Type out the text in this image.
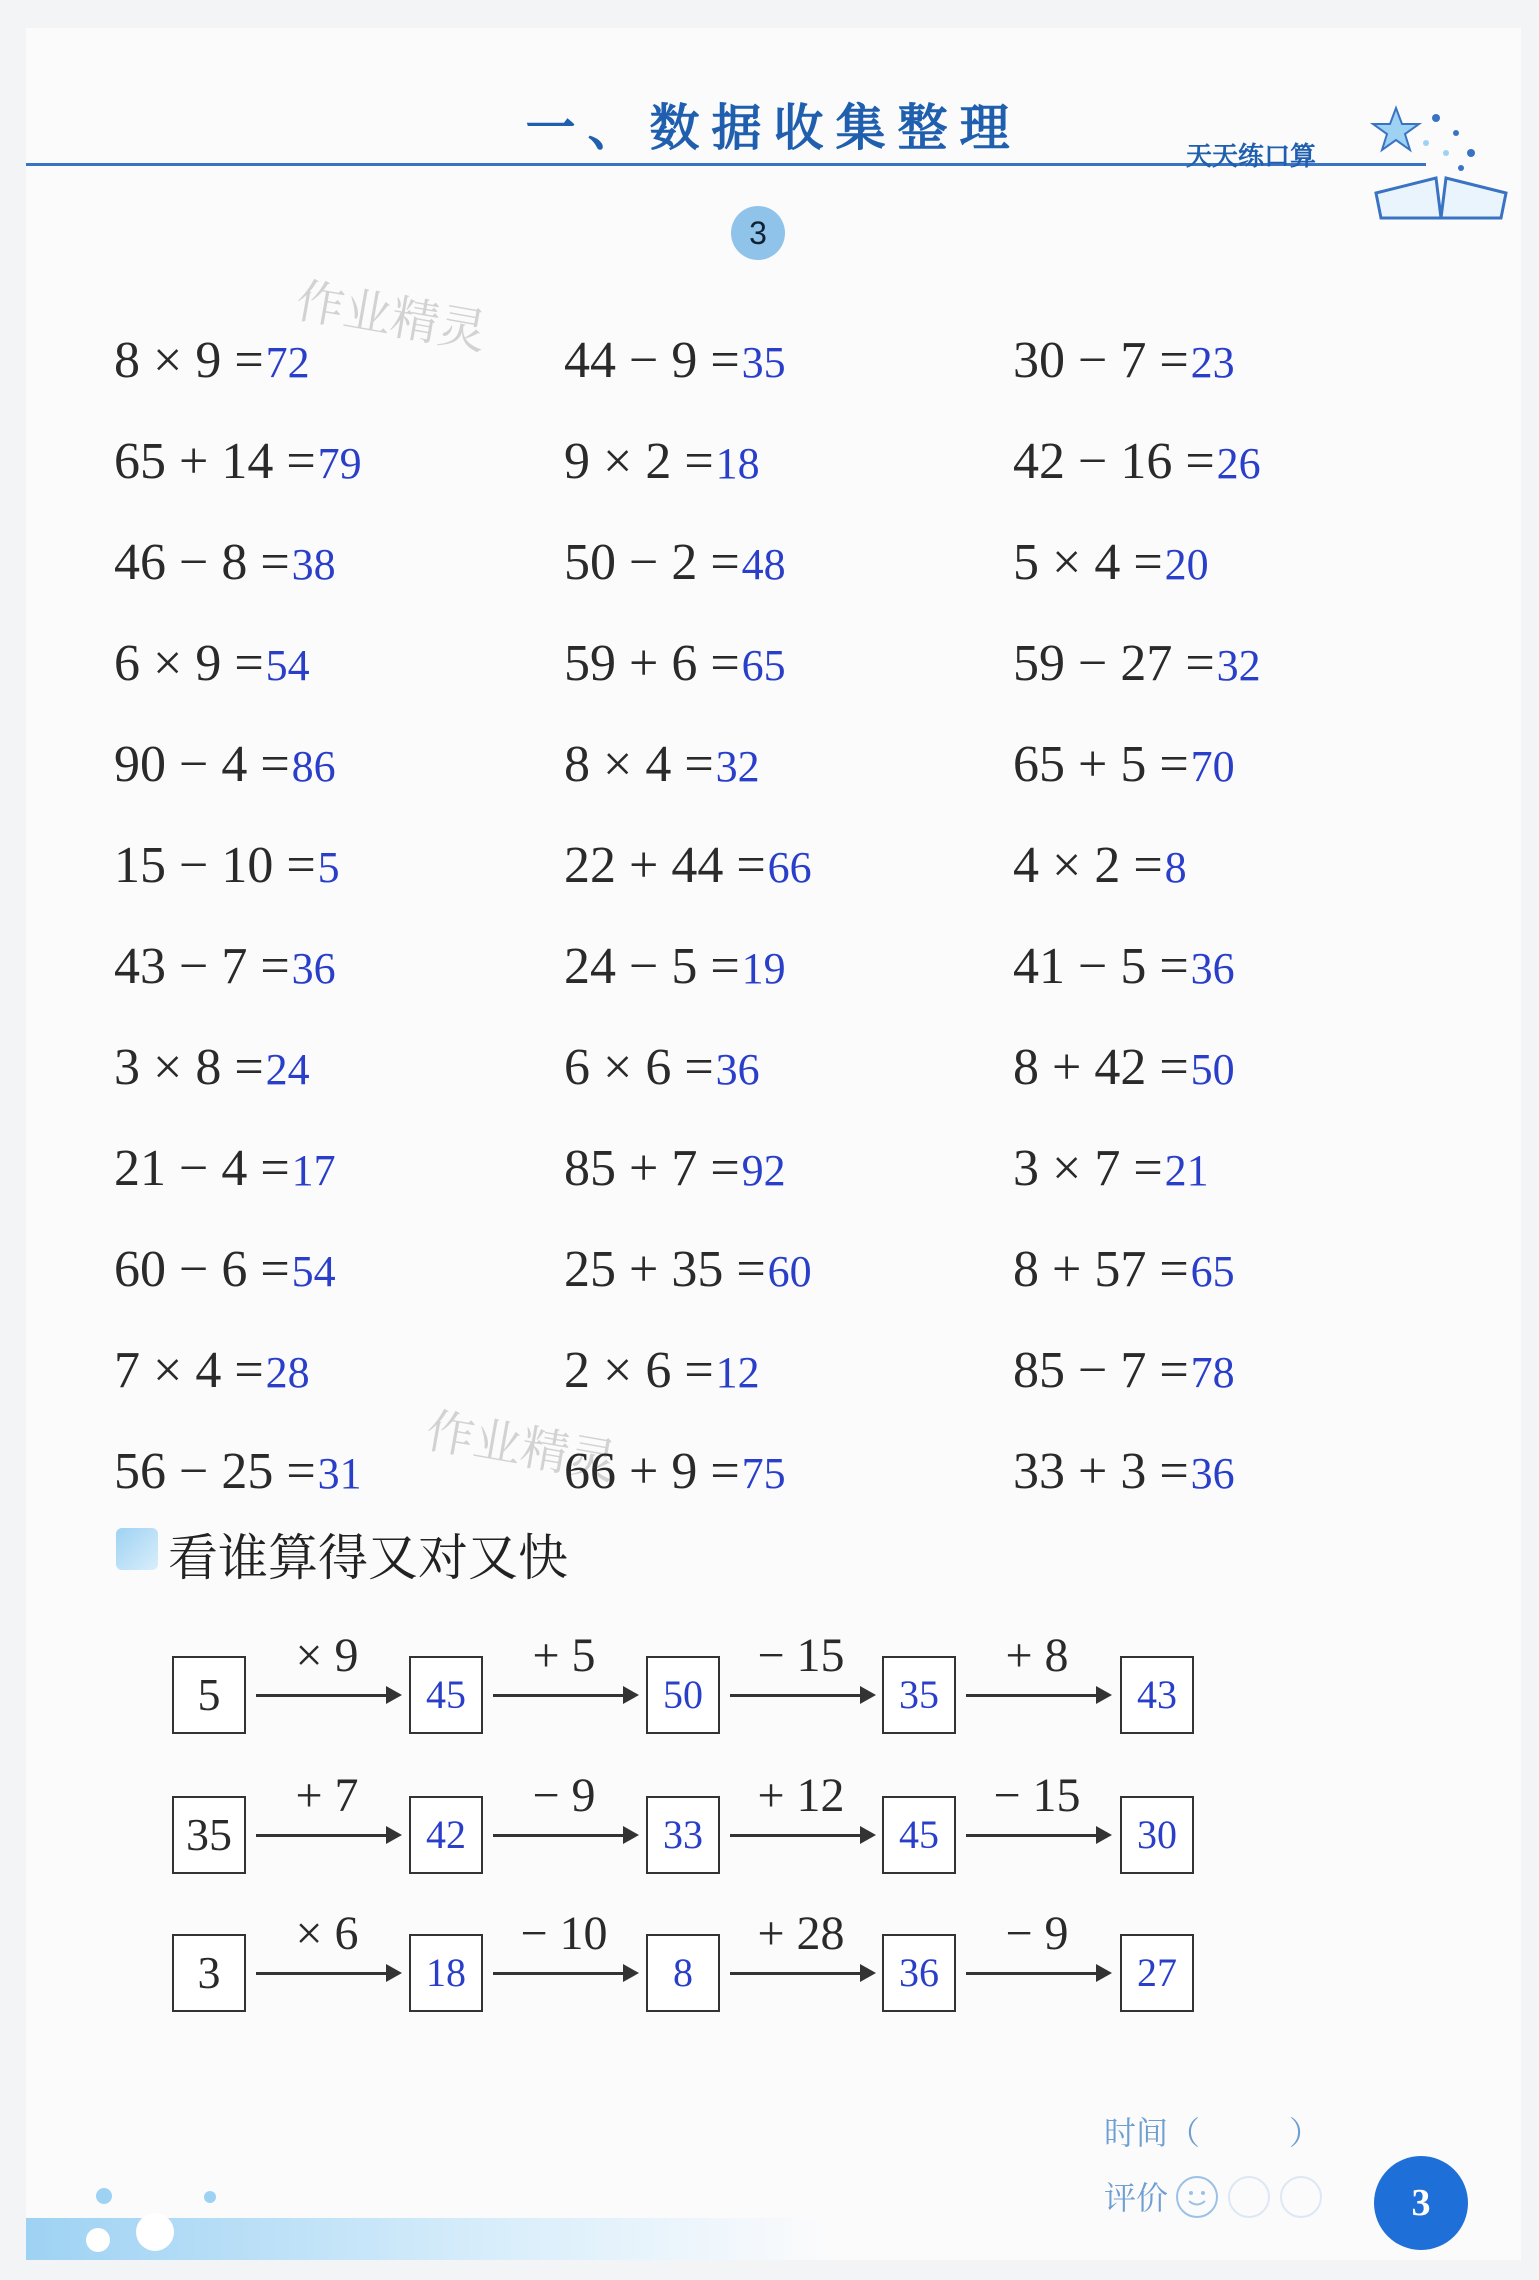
一、数据收集整理	天天练口算
3
作业精灵
作业精灵
8 × 9 =72	44 − 9 =35	30 − 7 =23
65 + 14 =79	9 × 2 =18	42 − 16 =26
46 − 8 =38	50 − 2 =48	5 × 4 =20
6 × 9 =54	59 + 6 =65	59 − 27 =32
90 − 4 =86	8 × 4 =32	65 + 5 =70
15 − 10 =5	22 + 44 =66	4 × 2 =8
43 − 7 =36	24 − 5 =19	41 − 5 =36
3 × 8 =24	6 × 6 =36	8 + 42 =50
21 − 4 =17	85 + 7 =92	3 × 7 =21
60 − 6 =54	25 + 35 =60	8 + 57 =65
7 × 4 =28	2 × 6 =12	85 − 7 =78
56 − 25 =31	66 + 9 =75	33 + 3 =36
看谁算得又对又快
5
× 9
45
+ 5
50
− 15
35
+ 8
43
35
+ 7
42
− 9
33
+ 12
45
− 15
30
3
× 6
18
− 10
8
+ 28
36
− 9
27
时间（	）
评价	3
